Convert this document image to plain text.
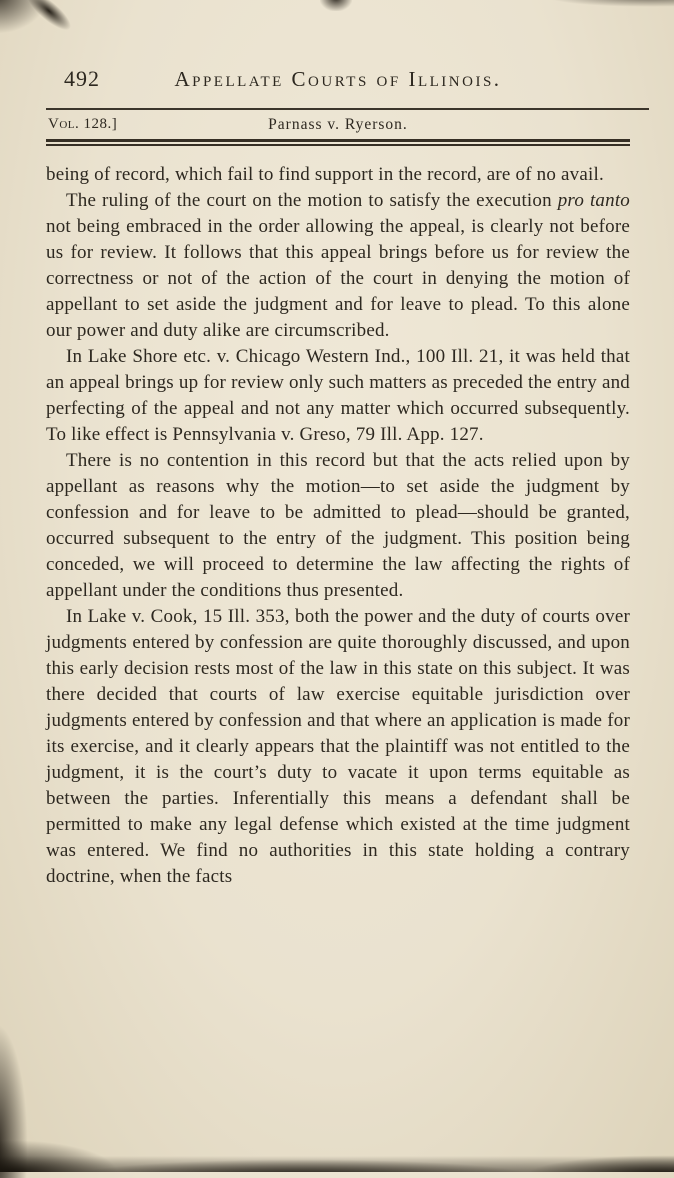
492	Appellate Courts of Illinois.
Vol. 128.]	Parnass v. Ryerson.

being of record, which fail to find support in the record, are of no avail.

The ruling of the court on the motion to satisfy the execution pro tanto not being embraced in the order allowing the appeal, is clearly not before us for review. It follows that this appeal brings before us for review the correctness or not of the action of the court in denying the motion of appellant to set aside the judgment and for leave to plead. To this alone our power and duty alike are circumscribed.

In Lake Shore etc. v. Chicago Western Ind., 100 Ill. 21, it was held that an appeal brings up for review only such matters as preceded the entry and perfecting of the appeal and not any matter which occurred subsequently. To like effect is Pennsylvania v. Greso, 79 Ill. App. 127.

There is no contention in this record but that the acts relied upon by appellant as reasons why the motion—to set aside the judgment by confession and for leave to be admitted to plead—should be granted, occurred subsequent to the entry of the judgment. This position being conceded, we will proceed to determine the law affecting the rights of appellant under the conditions thus presented.

In Lake v. Cook, 15 Ill. 353, both the power and the duty of courts over judgments entered by confession are quite thoroughly discussed, and upon this early decision rests most of the law in this state on this subject. It was there decided that courts of law exercise equitable jurisdiction over judgments entered by confession and that where an application is made for its exercise, and it clearly appears that the plaintiff was not entitled to the judgment, it is the court’s duty to vacate it upon terms equitable as between the parties. Inferentially this means a defendant shall be permitted to make any legal defense which existed at the time judgment was entered. We find no authorities in this state holding a contrary doctrine, when the facts
